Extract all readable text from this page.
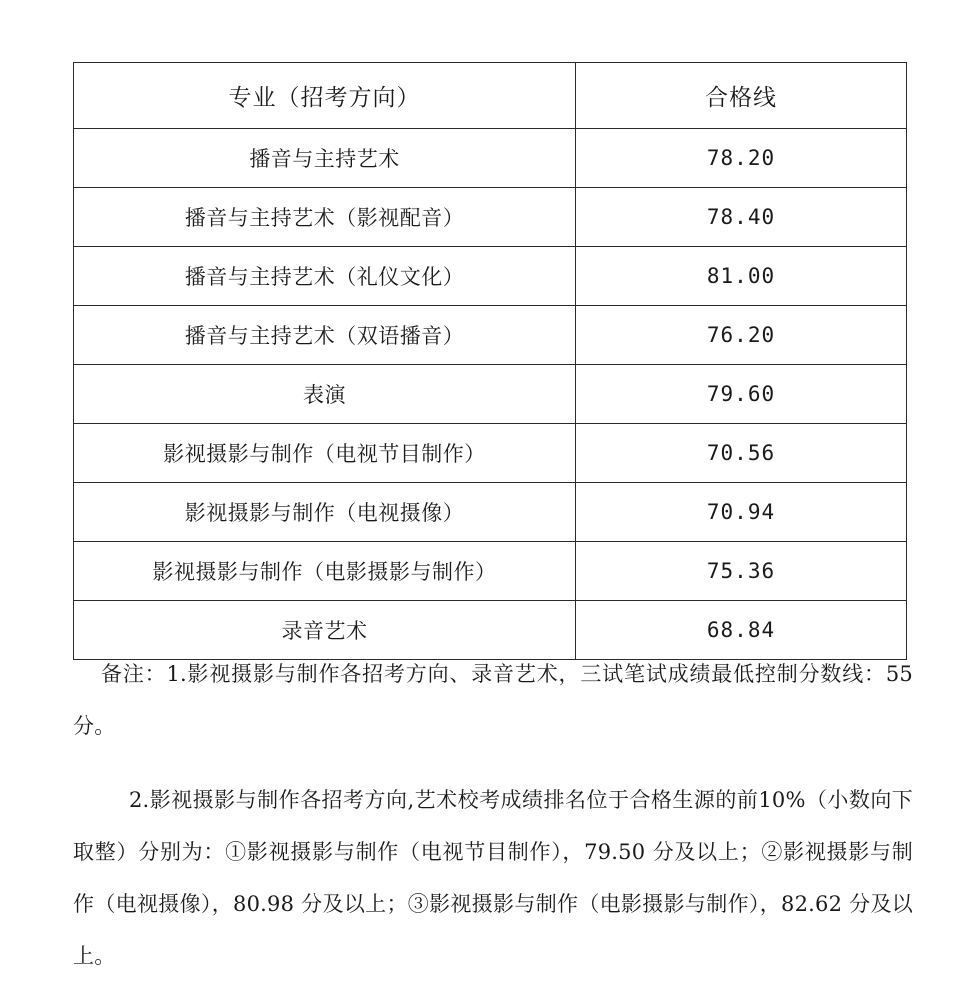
专业（招考方向）	合格线
播音与主持艺术	78.20
播音与主持艺术（影视配音）	78.40
播音与主持艺术（礼仪文化）	81.00
播音与主持艺术（双语播音）	76.20
表演	79.60
影视摄影与制作（电视节目制作）	70.56
影视摄影与制作（电视摄像）	70.94
影视摄影与制作（电影摄影与制作）	75.36
录音艺术	68.84

备注：1.影视摄影与制作各招考方向、录音艺术，三试笔试成绩最低控制分数线：55 分。

2.影视摄影与制作各招考方向,艺术校考成绩排名位于合格生源的前10%（小数向下取整）分别为：①影视摄影与制作（电视节目制作），79.50 分及以上；②影视摄影与制作（电视摄像），80.98 分及以上；③影视摄影与制作（电影摄影与制作），82.62 分及以上。
